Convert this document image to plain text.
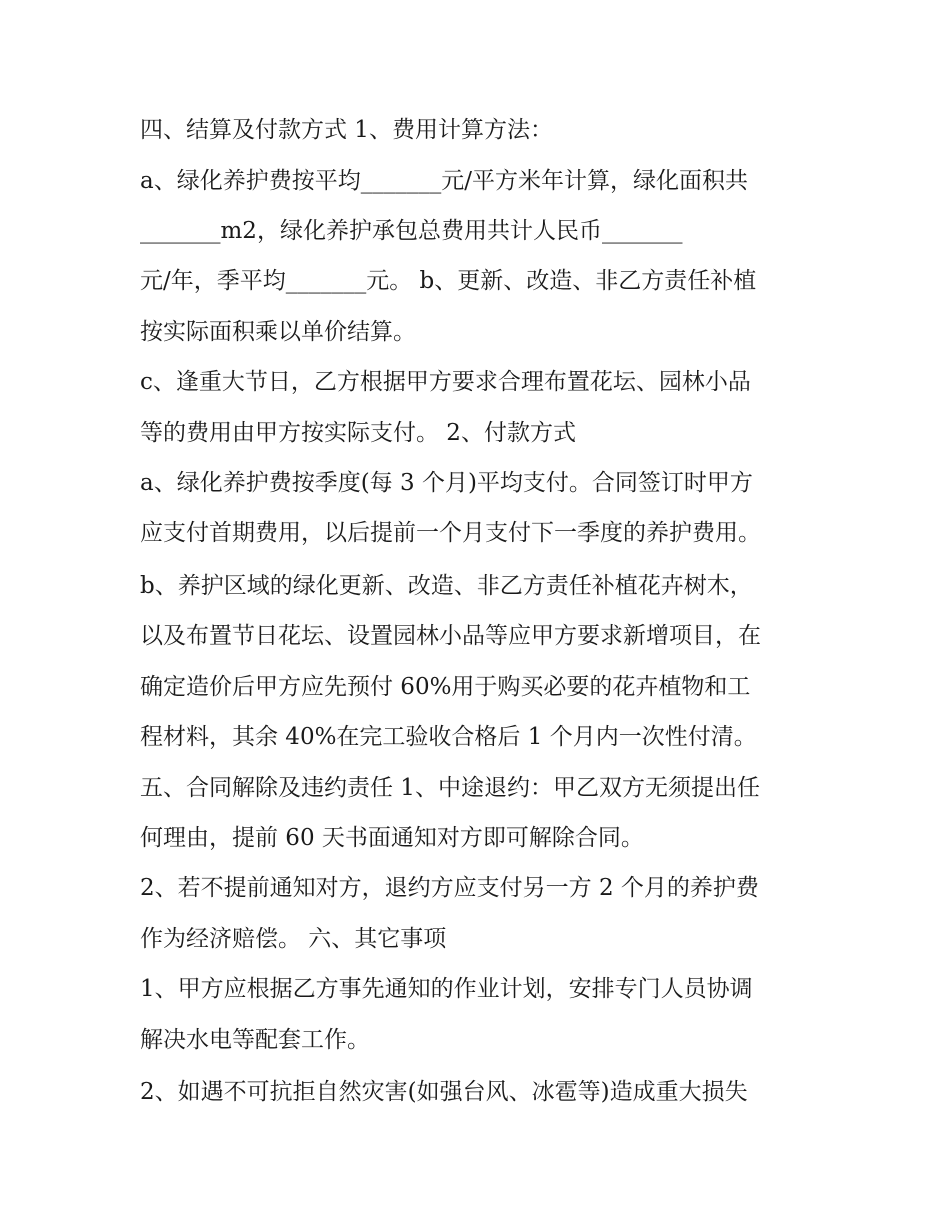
四、结算及付款方式 1、费用计算方法：
a、绿化养护费按平均_______元/平方米年计算，绿化面积共
_______m2，绿化养护承包总费用共计人民币_______
元/年，季平均_______元。 b、更新、改造、非乙方责任补植
按实际面积乘以单价结算。
c、逢重大节日，乙方根据甲方要求合理布置花坛、园林小品
等的费用由甲方按实际支付。 2、付款方式
a、绿化养护费按季度(每 3 个月)平均支付。合同签订时甲方
应支付首期费用，以后提前一个月支付下一季度的养护费用。
b、养护区域的绿化更新、改造、非乙方责任补植花卉树木，
以及布置节日花坛、设置园林小品等应甲方要求新增项目，在
确定造价后甲方应先预付 60%用于购买必要的花卉植物和工
程材料，其余 40%在完工验收合格后 1 个月内一次性付清。
五、合同解除及违约责任 1、中途退约：甲乙双方无须提出任
何理由，提前 60 天书面通知对方即可解除合同。
2、若不提前通知对方，退约方应支付另一方 2 个月的养护费
作为经济赔偿。 六、其它事项
1、甲方应根据乙方事先通知的作业计划，安排专门人员协调
解决水电等配套工作。
2、如遇不可抗拒自然灾害(如强台风、冰雹等)造成重大损失
